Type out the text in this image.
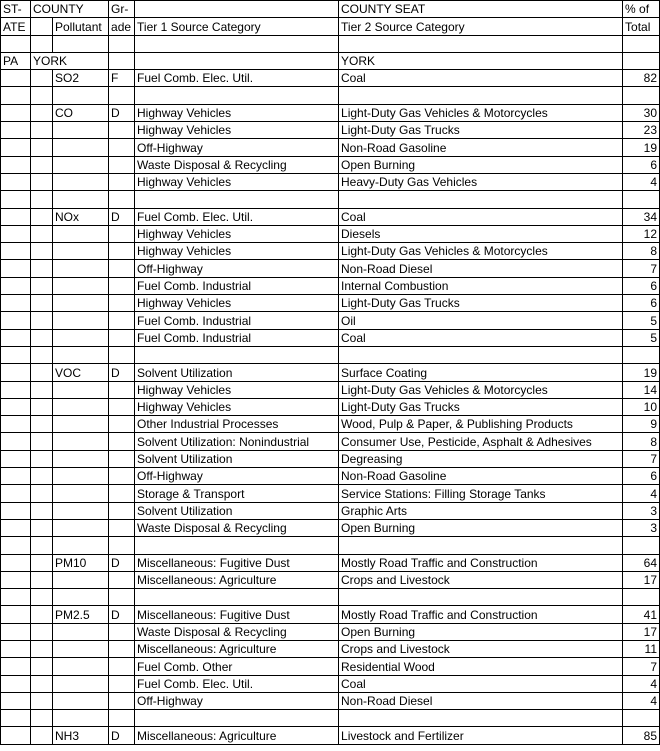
ST-	COUNTY		Gr-		COUNTY SEAT	% of
ATE		Pollutant	ade	Tier 1 Source Category	Tier 2 Source Category	Total

PA	YORK				YORK	
		SO2	F	Fuel Comb. Elec. Util.	Coal	82

		CO	D	Highway Vehicles	Light-Duty Gas Vehicles & Motorcycles	30
				Highway Vehicles	Light-Duty Gas Trucks	23
				Off-Highway	Non-Road Gasoline	19
				Waste Disposal & Recycling	Open Burning	6
				Highway Vehicles	Heavy-Duty Gas Vehicles	4

		NOx	D	Fuel Comb. Elec. Util.	Coal	34
				Highway Vehicles	Diesels	12
				Highway Vehicles	Light-Duty Gas Vehicles & Motorcycles	8
				Off-Highway	Non-Road Diesel	7
				Fuel Comb. Industrial	Internal Combustion	6
				Highway Vehicles	Light-Duty Gas Trucks	6
				Fuel Comb. Industrial	Oil	5
				Fuel Comb. Industrial	Coal	5

		VOC	D	Solvent Utilization	Surface Coating	19
				Highway Vehicles	Light-Duty Gas Vehicles & Motorcycles	14
				Highway Vehicles	Light-Duty Gas Trucks	10
				Other Industrial Processes	Wood, Pulp & Paper, & Publishing Products	9
				Solvent Utilization: Nonindustrial	Consumer Use, Pesticide, Asphalt & Adhesives	8
				Solvent Utilization	Degreasing	7
				Off-Highway	Non-Road Gasoline	6
				Storage & Transport	Service Stations: Filling Storage Tanks	4
				Solvent Utilization	Graphic Arts	3
				Waste Disposal & Recycling	Open Burning	3

		PM10	D	Miscellaneous: Fugitive Dust	Mostly Road Traffic and Construction	64
				Miscellaneous: Agriculture	Crops and Livestock	17

		PM2.5	D	Miscellaneous: Fugitive Dust	Mostly Road Traffic and Construction	41
				Waste Disposal & Recycling	Open Burning	17
				Miscellaneous: Agriculture	Crops and Livestock	11
				Fuel Comb. Other	Residential Wood	7
				Fuel Comb. Elec. Util.	Coal	4
				Off-Highway	Non-Road Diesel	4

		NH3	D	Miscellaneous: Agriculture	Livestock and Fertilizer	85
